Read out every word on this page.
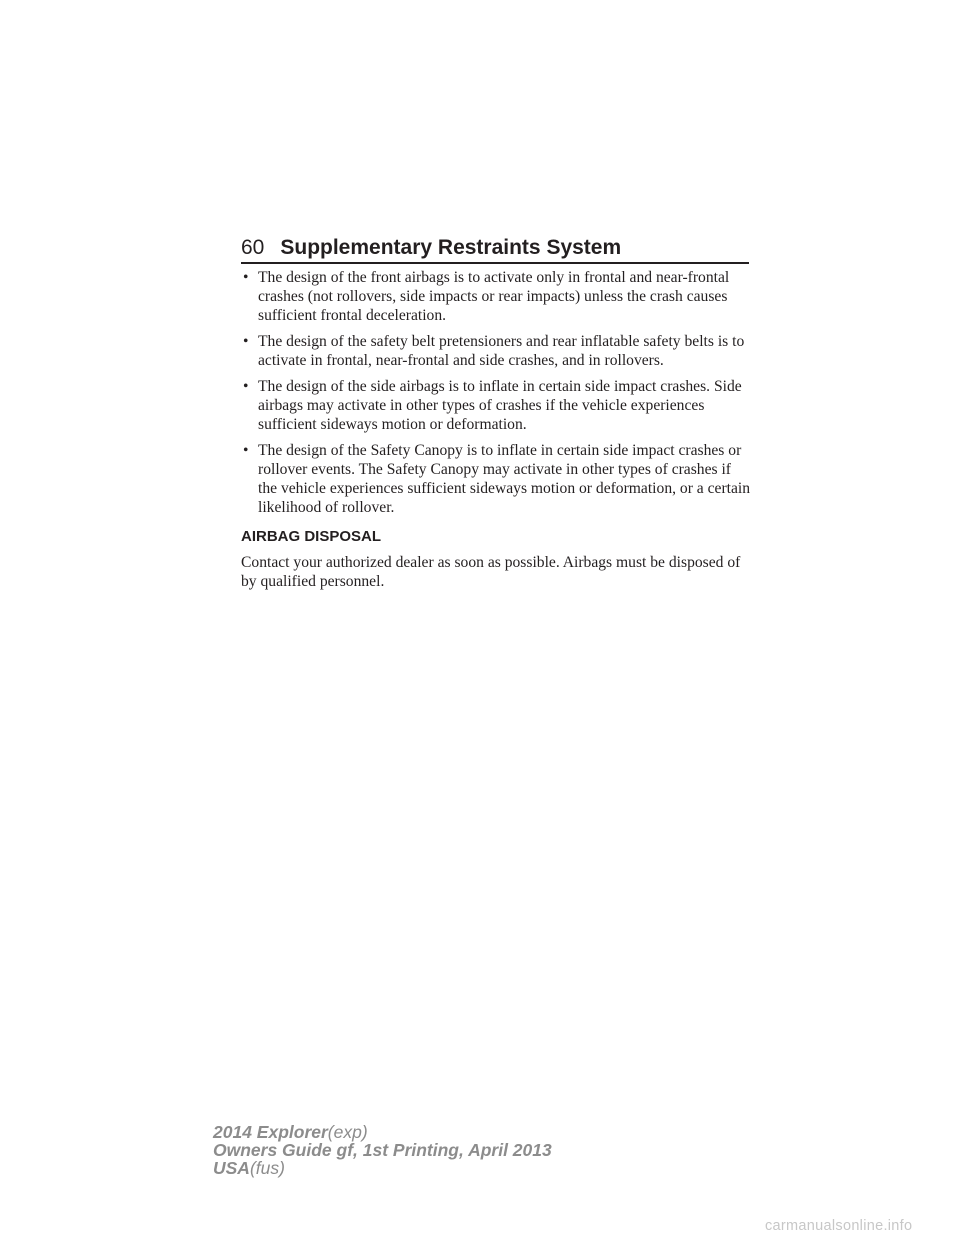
60 Supplementary Restraints System
• The design of the front airbags is to activate only in frontal and near-frontal crashes (not rollovers, side impacts or rear impacts) unless the crash causes sufficient frontal deceleration.
• The design of the safety belt pretensioners and rear inflatable safety belts is to activate in frontal, near-frontal and side crashes, and in rollovers.
• The design of the side airbags is to inflate in certain side impact crashes. Side airbags may activate in other types of crashes if the vehicle experiences sufficient sideways motion or deformation.
• The design of the Safety Canopy is to inflate in certain side impact crashes or rollover events. The Safety Canopy may activate in other types of crashes if the vehicle experiences sufficient sideways motion or deformation, or a certain likelihood of rollover.
AIRBAG DISPOSAL

Contact your authorized dealer as soon as possible. Airbags must be disposed of by qualified personnel.

2014 Explorer(exp)
Owners Guide gf, 1st Printing, April 2013
USA(fus)
carmanualsonline.info
